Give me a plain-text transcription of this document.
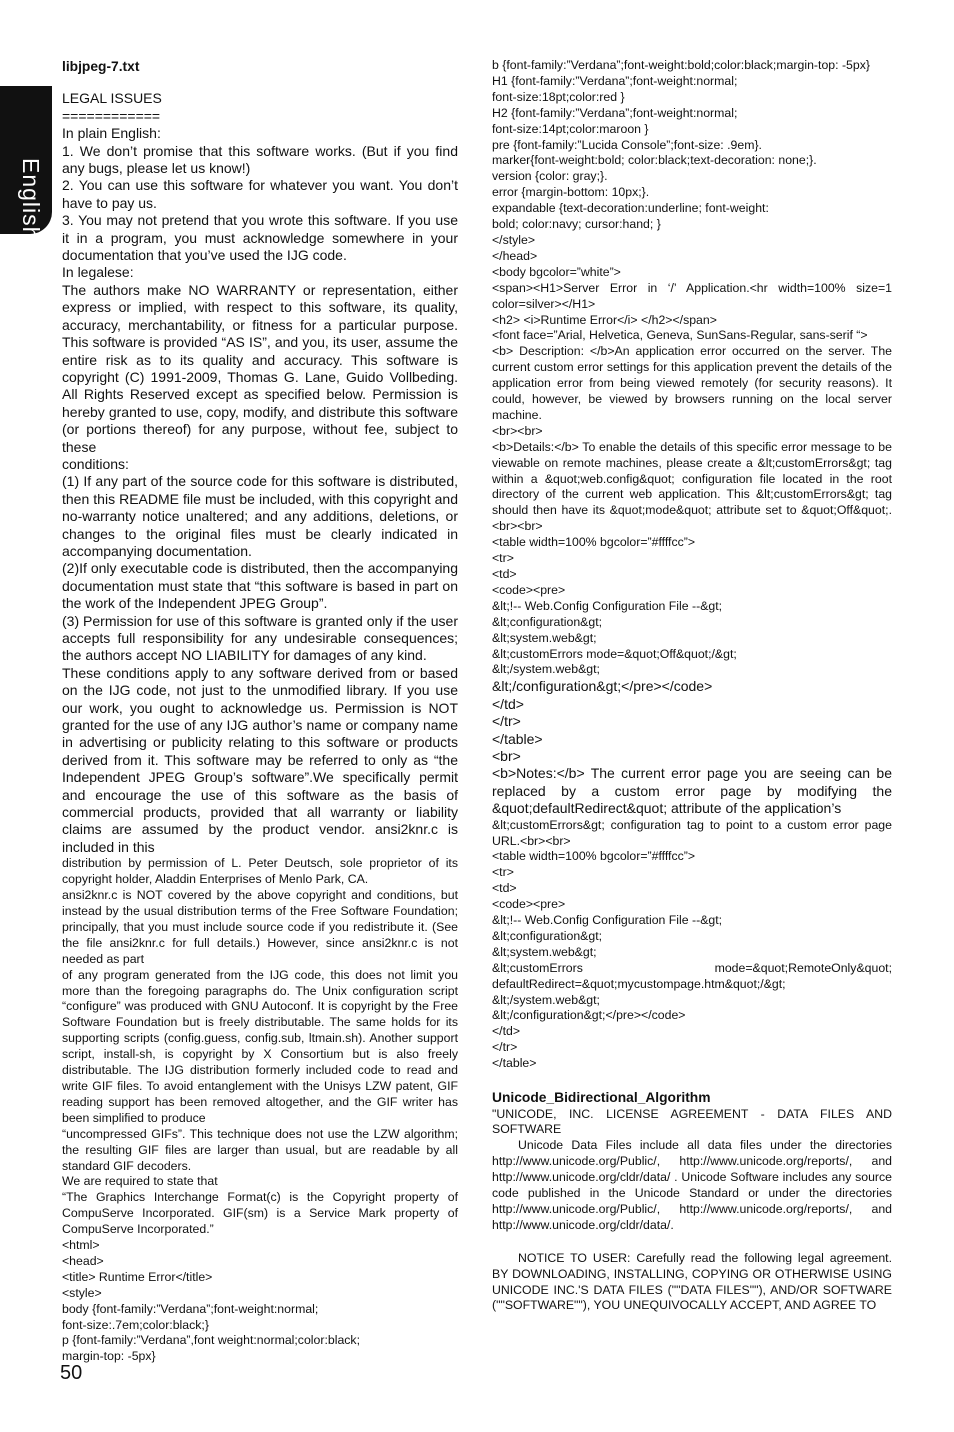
English

libjpeg-7.txt

LEGAL ISSUES

============

In plain English:

1. We don’t promise that this software works. (But if you find any bugs, please let us know!)

2. You can use this software for whatever you want. You don’t have to pay us.

3. You may not pretend that you wrote this software. If you use it in a program, you must acknowledge somewhere in your documentation that you’ve used the IJG code.

In legalese:

The authors make NO WARRANTY or representation, either express or implied, with respect to this software, its quality, accuracy, merchantability, or fitness for a particular purpose. This software is provided “AS IS”, and you, its user, assume the entire risk as to its quality and accuracy. This software is copyright (C) 1991-2009, Thomas G. Lane, Guido Vollbeding. All Rights Reserved except as specified below. Permission is hereby granted to use, copy, modify, and distribute this software (or portions thereof) for any purpose, without fee, subject to these

conditions:

(1) If any part of the source code for this software is distributed, then this README file must be included, with this copyright and no-warranty notice unaltered; and any additions, deletions, or changes to the original files must be clearly indicated in accompanying documentation.

(2)If only executable code is distributed, then the accompanying documentation must state that “this software is based in part on the work of the Independent JPEG Group”.

(3) Permission for use of this software is granted only if the user accepts full responsibility for any undesirable consequences; the authors accept NO LIABILITY for damages of any kind.

These conditions apply to any software derived from or based on the IJG code, not just to the unmodified library. If you use our work, you ought to acknowledge us. Permission is NOT granted for the use of any IJG author’s name or company name in advertising or publicity relating to this software or products derived from it. This software may be referred to only as “the Independent JPEG Group’s software”.We specifically permit and encourage the use of this software as the basis of commercial products, provided that all warranty or liability claims are assumed by the product vendor. ansi2knr.c is included in this

distribution by permission of L. Peter Deutsch, sole proprietor of its copyright holder, Aladdin Enterprises of Menlo Park, CA.

ansi2knr.c is NOT covered by the above copyright and conditions, but instead by the usual distribution terms of the Free Software Foundation; principally, that you must include source code if you redistribute it. (See the file ansi2knr.c for full details.) However, since ansi2knr.c is not needed as part

of any program generated from the IJG code, this does not limit you more than the foregoing paragraphs do. The Unix configuration script “configure” was produced with GNU Autoconf. It is copyright by the Free Software Foundation but is freely distributable. The same holds for its supporting scripts (config.guess, config.sub, ltmain.sh). Another support script, install-sh, is copyright by X Consortium but is also freely distributable. The IJG distribution formerly included code to read and write GIF files. To avoid entanglement with the Unisys LZW patent, GIF reading support has been removed altogether, and the GIF writer has been simplified to produce

“uncompressed GIFs”. This technique does not use the LZW algorithm; the resulting GIF files are larger than usual, but are readable by all standard GIF decoders.

We are required to state that

“The Graphics Interchange Format(c) is the Copyright property of CompuServe Incorporated. GIF(sm) is a Service Mark property of CompuServe Incorporated.”

<html>

<head>

<title> Runtime Error</title>

<style>

body {font-family:”Verdana”;font-weight:normal;

font-size:.7em;color:black;}

p {font-family:”Verdana”,font weight:normal;color:black;

margin-top: -5px}

b {font-family:”Verdana”;font-weight:bold;color:black;margin-top: -5px}

H1 {font-family:”Verdana”;font-weight:normal;

font-size:18pt;color:red }

H2 {font-family:”Verdana”;font-weight:normal;

font-size:14pt;color:maroon }

pre {font-family:”Lucida Console”;font-size: .9em}.

marker{font-weight:bold; color:black;text-decoration: none;}.

version {color: gray;}.

error {margin-bottom: 10px;}.

expandable {text-decoration:underline; font-weight:

bold; color:navy; cursor:hand; }

</style>

</head>

<body bgcolor=”white”>

<span><H1>Server Error in ‘/’ Application.<hr width=100% size=1 color=silver></H1>

<h2> <i>Runtime Error</i> </h2></span>

<font face=”Arial, Helvetica, Geneva, SunSans-Regular, sans-serif “>

<b> Description: </b>An application error occurred on the server. The current custom error settings for this application prevent the details of the application error from being viewed remotely (for security reasons). It could, however, be viewed by browsers running on the local server machine.

<br><br>

<b>Details:</b> To enable the details of this specific error message to be viewable on remote machines, please create a &lt;customErrors&gt; tag within a &quot;web.config&quot; configuration file located in the root directory of the current web application. This &lt;customErrors&gt; tag should then have its &quot;mode&quot; attribute set to &quot;Off&quot;.<br><br>

<table width=100% bgcolor=”#ffffcc”>

<tr>

<td>

<code><pre>

&lt;!-- Web.Config Configuration File --&gt;

&lt;configuration&gt;

&lt;system.web&gt;

&lt;customErrors mode=&quot;Off&quot;/&gt;

&lt;/system.web&gt;

&lt;/configuration&gt;</pre></code>

</td>

</tr>

</table>

<br>

<b>Notes:</b> The current error page you are seeing can be replaced by a custom error page by modifying the &quot;defaultRedirect&quot; attribute of the application’s

&lt;customErrors&gt; configuration tag to point to a custom error page URL.<br><br>

<table width=100% bgcolor=”#ffffcc”>

<tr>

<td>

<code><pre>

&lt;!-- Web.Config Configuration File --&gt;

&lt;configuration&gt;

&lt;system.web&gt;

&lt;customErrors mode=&quot;RemoteOnly&quot; defaultRedirect=&quot;mycustompage.htm&quot;/&gt;

&lt;/system.web&gt;

&lt;/configuration&gt;</pre></code>

</td>

</tr>

</table>

Unicode_Bidirectional_Algorithm

"UNICODE, INC. LICENSE AGREEMENT - DATA FILES AND SOFTWARE

Unicode Data Files include all data files under the directories http://www.unicode.org/Public/, http://www.unicode.org/reports/, and http://www.unicode.org/cldr/data/ . Unicode Software includes any source code published in the Unicode Standard or under the directories http://www.unicode.org/Public/, http://www.unicode.org/reports/, and http://www.unicode.org/cldr/data/.

NOTICE TO USER: Carefully read the following legal agreement. BY DOWNLOADING, INSTALLING, COPYING OR OTHERWISE USING UNICODE INC.'S DATA FILES (""DATA FILES""), AND/OR SOFTWARE (""SOFTWARE""), YOU UNEQUIVOCALLY ACCEPT, AND AGREE TO

50
